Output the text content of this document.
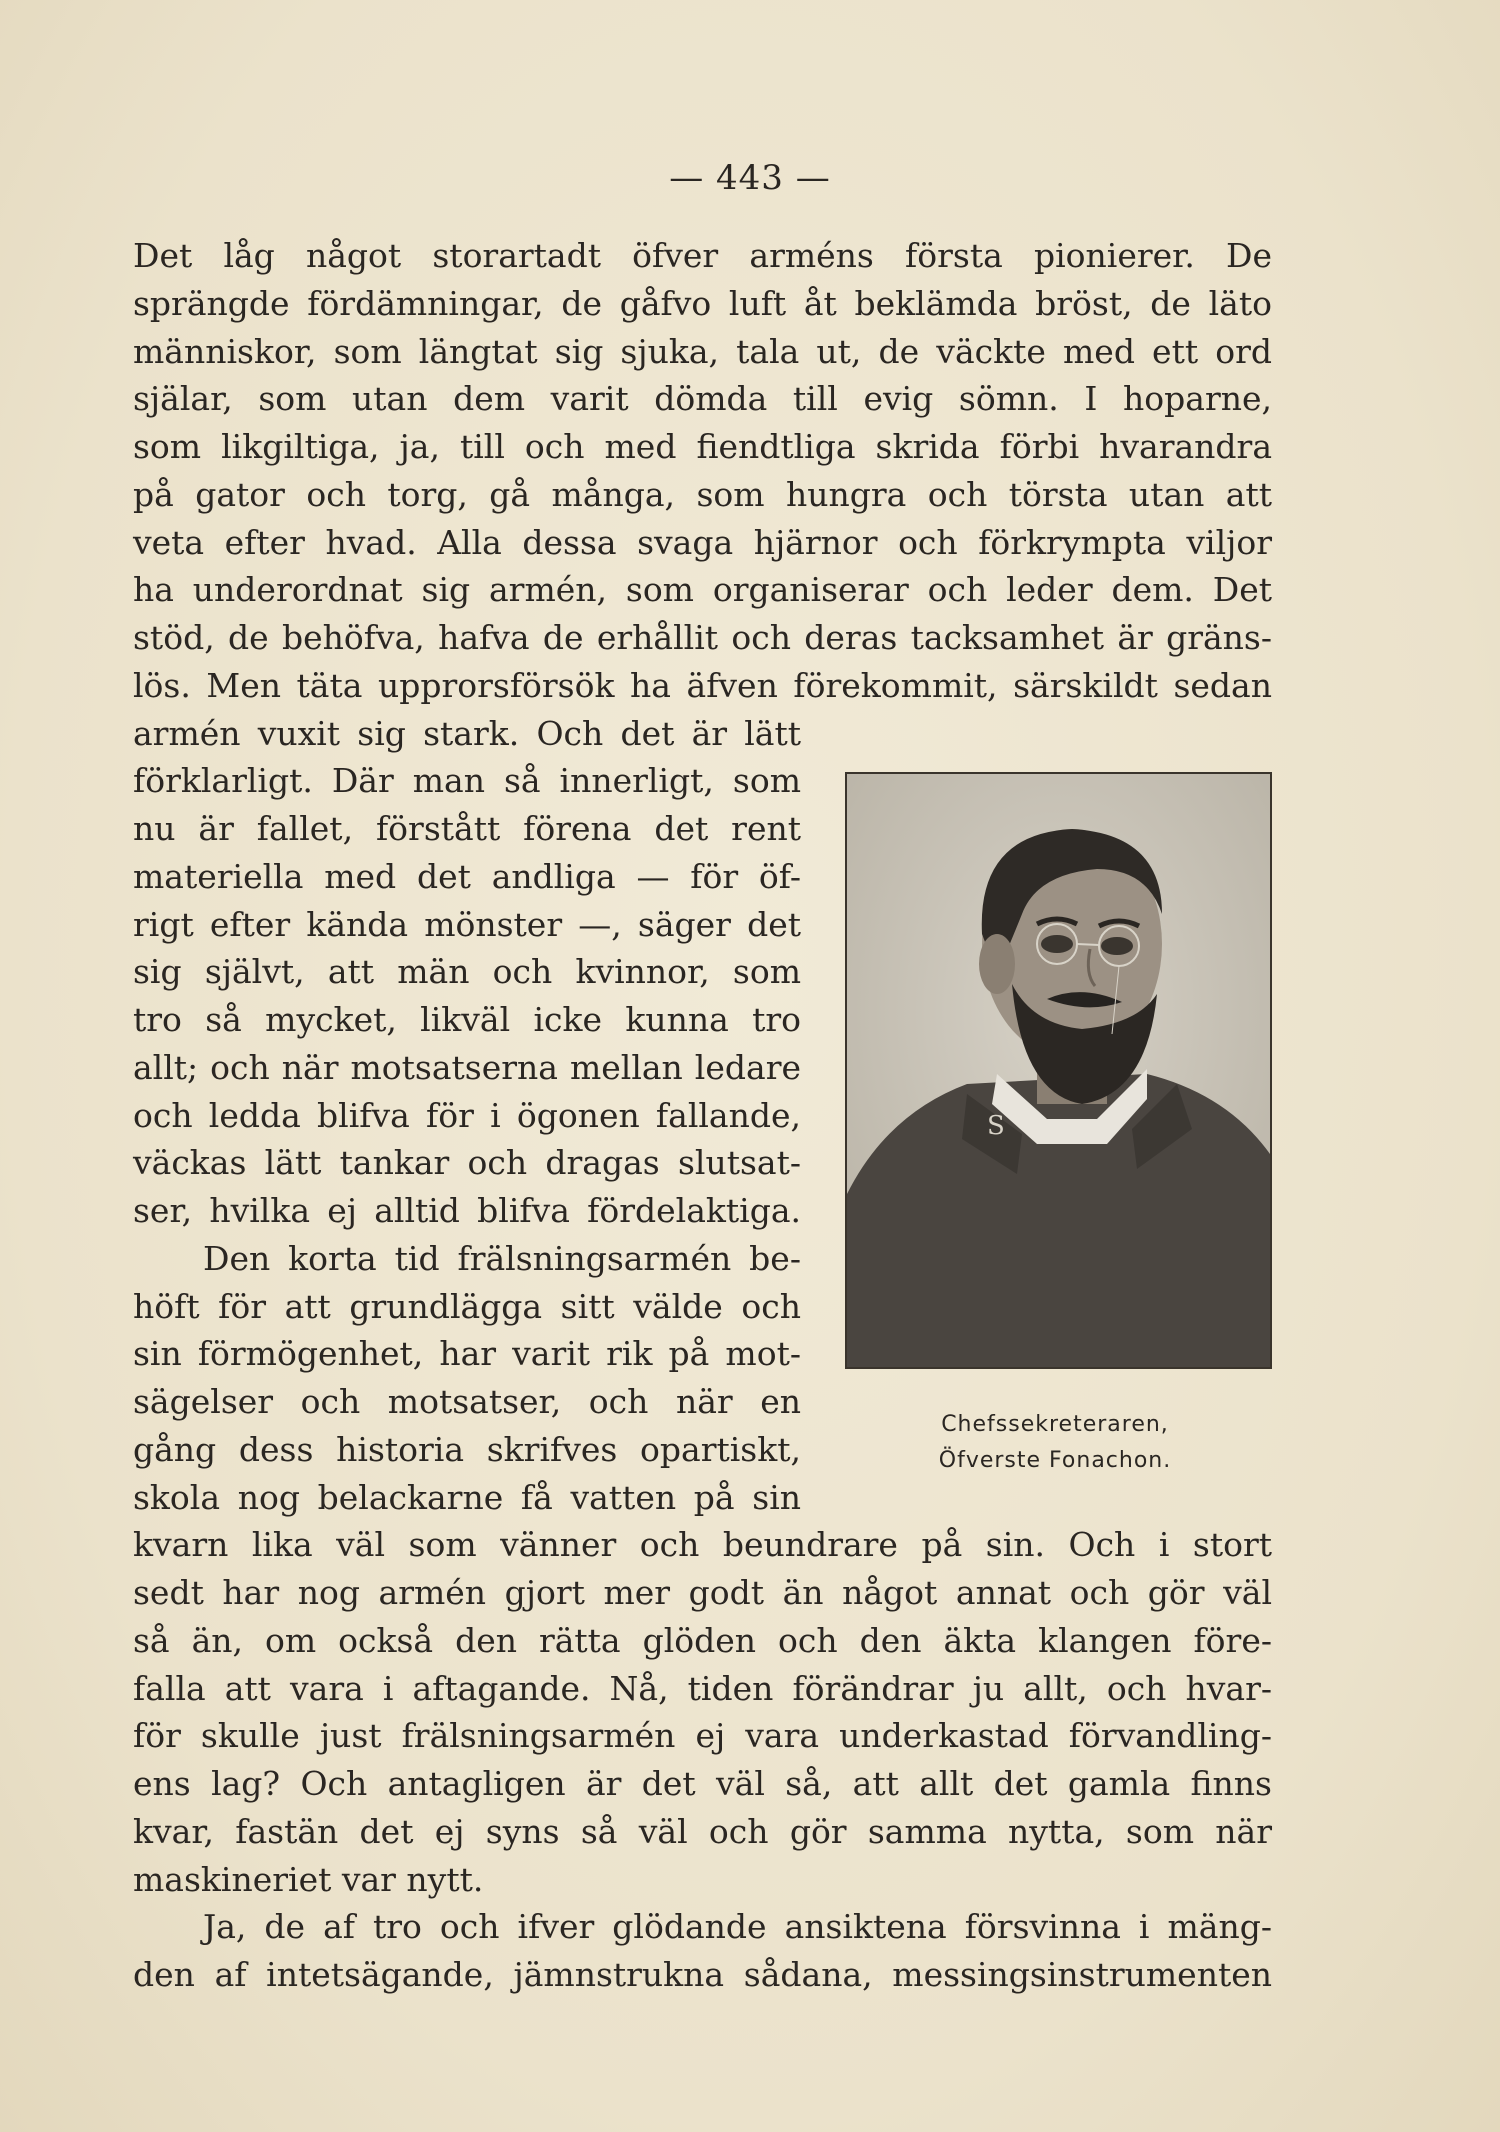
— 443 —
Det låg något storartadt öfver arméns första pionierer. De
sprängde fördämningar, de gåfvo luft åt beklämda bröst, de läto
människor, som längtat sig sjuka, tala ut, de väckte med ett ord
själar, som utan dem varit dömda till evig sömn. I hoparne,
som likgiltiga, ja, till och med fiendtliga skrida förbi hvarandra
på gator och torg, gå många, som hungra och törsta utan att
veta efter hvad. Alla dessa svaga hjärnor och förkrympta viljor
ha underordnat sig armén, som organiserar och leder dem. Det
stöd, de behöfva, hafva de erhållit och deras tacksamhet är gräns-
lös. Men täta upprorsförsök ha äfven förekommit, särskildt sedan
armén vuxit sig stark. Och det är lätt
förklarligt. Där man så innerligt, som
nu är fallet, förstått förena det rent
materiella med det andliga — för öf-
rigt efter kända mönster —, säger det
sig självt, att män och kvinnor, som
tro så mycket, likväl icke kunna tro
allt; och när motsatserna mellan ledare
och ledda blifva för i ögonen fallande,
väckas lätt tankar och dragas slutsat-
ser, hvilka ej alltid blifva fördelaktiga.
Den korta tid frälsningsarmén be-
höft för att grundlägga sitt välde och
sin förmögenhet, har varit rik på mot-
sägelser och motsatser, och när en
gång dess historia skrifves opartiskt,
skola nog belackarne få vatten på sin
kvarn lika väl som vänner och beundrare på sin. Och i stort
sedt har nog armén gjort mer godt än något annat och gör väl
så än, om också den rätta glöden och den äkta klangen före-
falla att vara i aftagande. Nå, tiden förändrar ju allt, och hvar-
för skulle just frälsningsarmén ej vara underkastad förvandling-
ens lag? Och antagligen är det väl så, att allt det gamla finns
kvar, fastän det ej syns så väl och gör samma nytta, som när
maskineriet var nytt.
Ja, de af tro och ifver glödande ansiktena försvinna i mäng-
den af intetsägande, jämnstrukna sådana, messingsinstrumenten
S
Chefssekreteraren,
Öfverste Fonachon.
